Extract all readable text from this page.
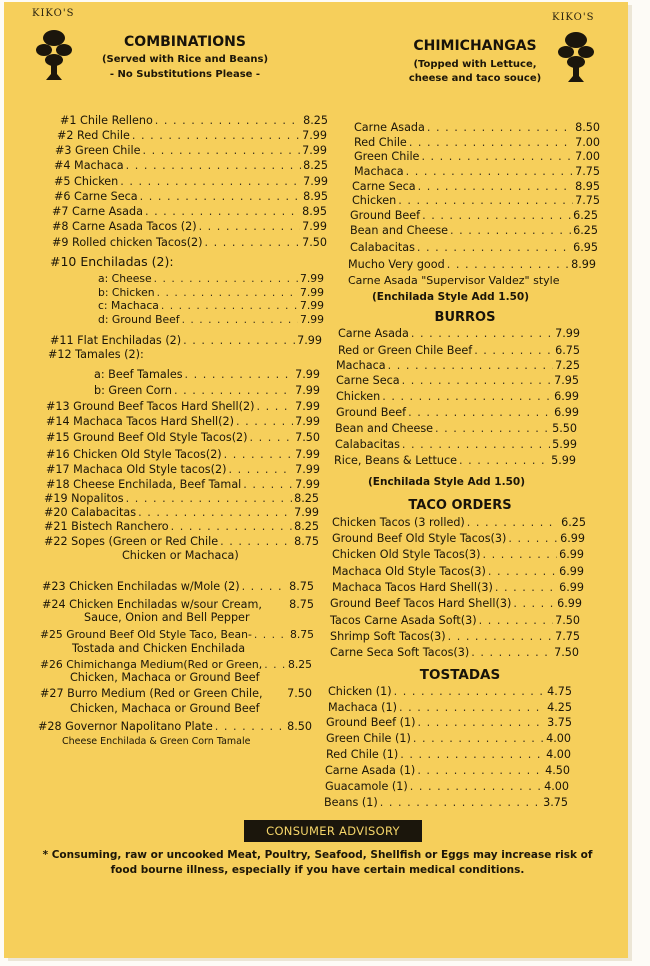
KIKO'S	KIKO'S
COMBINATIONS
(Served with Rice and Beans)
- No Substitutions Please -
CHIMICHANGAS
(Topped with Lettuce,
cheese and taco souce)
#1 Chile Relleno . . .	8.25
#2 Red Chile . . .	7.99
#3 Green Chile . . .	7.99
#4 Machaca . . .	8.25
#5 Chicken . . .	7.99
#6 Carne Seca . . .	8.95
#7 Carne Asada . . .	8.95
#8 Carne Asada Tacos (2) . . .	7.99
#9 Rolled chicken Tacos(2) . . .	7.50
#10 Enchiladas (2):
a: Cheese . . .	7.99
b: Chicken . . .	7.99
c: Machaca . . .	7.99
d: Ground Beef . . .	7.99
#11 Flat Enchiladas (2) . . .	7.99
#12 Tamales (2):
a: Beef Tamales . . .	7.99
b: Green Corn . . .	7.99
#13 Ground Beef Tacos Hard Shell(2) . . .	7.99
#14 Machaca Tacos Hard Shell(2) . . .	7.99
#15 Ground Beef Old Style Tacos(2) . . .	7.50
#16 Chicken Old Style Tacos(2) . . .	7.99
#17 Machaca Old Style tacos(2) . . .	7.99
#18 Cheese Enchilada, Beef Tamal . . .	7.99
#19 Nopalitos . . .	8.25
#20 Calabacitas . . .	7.99
#21 Bistech Ranchero . . .	8.25
#22 Sopes (Green or Red Chile . . .	8.75
Chicken or Machaca)
#23 Chicken Enchiladas w/Mole (2) . . .	8.75
#24 Chicken Enchiladas w/sour Cream, 8.75
Sauce, Onion and Bell Pepper
#25 Ground Beef Old Style Taco, Bean- . . .	8.75
Tostada and Chicken Enchilada
#26 Chimichanga Medium(Red or Green, . . . 8.25
Chicken, Machaca or Ground Beef
#27 Burro Medium (Red or Green Chile, 7.50
Chicken, Machaca or Ground Beef
#28 Governor Napolitano Plate . . .	8.50
Cheese Enchilada & Green Corn Tamale
Carne Asada . . .	8.50
Red Chile . . .	7.00
Green Chile . . .	7.00
Machaca . . .	7.75
Carne Seca . . .	8.95
Chicken . . .	7.75
Ground Beef . . .	6.25
Bean and Cheese . . .	6.25
Calabacitas . . .	6.95
Mucho Very good . . .	8.99
Carne Asada "Supervisor Valdez" style
(Enchilada Style Add 1.50)
BURROS
Carne Asada . . .	7.99
Red or Green Chile Beef . . .	6.75
Machaca . . .	7.25
Carne Seca . . .	7.95
Chicken . . .	6.99
Ground Beef . . .	6.99
Bean and Cheese . . .	5.50
Calabacitas . . .	5.99
Rice, Beans & Lettuce . . .	5.99
(Enchilada Style Add 1.50)
TACO ORDERS
Chicken Tacos (3 rolled) . . .	6.25
Ground Beef Old Style Tacos(3) . . .	6.99
Chicken Old Style Tacos(3) . . .	6.99
Machaca Old Style Tacos(3) . . .	6.99
Machaca Tacos Hard Shell(3) . . .	6.99
Ground Beef Tacos Hard Shell(3) . . .	6.99
Tacos Carne Asada Soft(3) . . .	7.50
Shrimp Soft Tacos(3) . . .	7.75
Carne Seca Soft Tacos(3) . . .	7.50
TOSTADAS
Chicken (1) . . .	4.75
Machaca (1) . . .	4.25
Ground Beef (1) . . .	3.75
Green Chile (1) . . .	4.00
Red Chile (1) . . .	4.00
Carne Asada (1) . . .	4.50
Guacamole (1) . . .	4.00
Beans (1) . . .	3.75
CONSUMER ADVISORY
* Consuming, raw or uncooked Meat, Poultry, Seafood, Shellfish or Eggs may increase risk of food bourne illness, especially if you have certain medical conditions.
